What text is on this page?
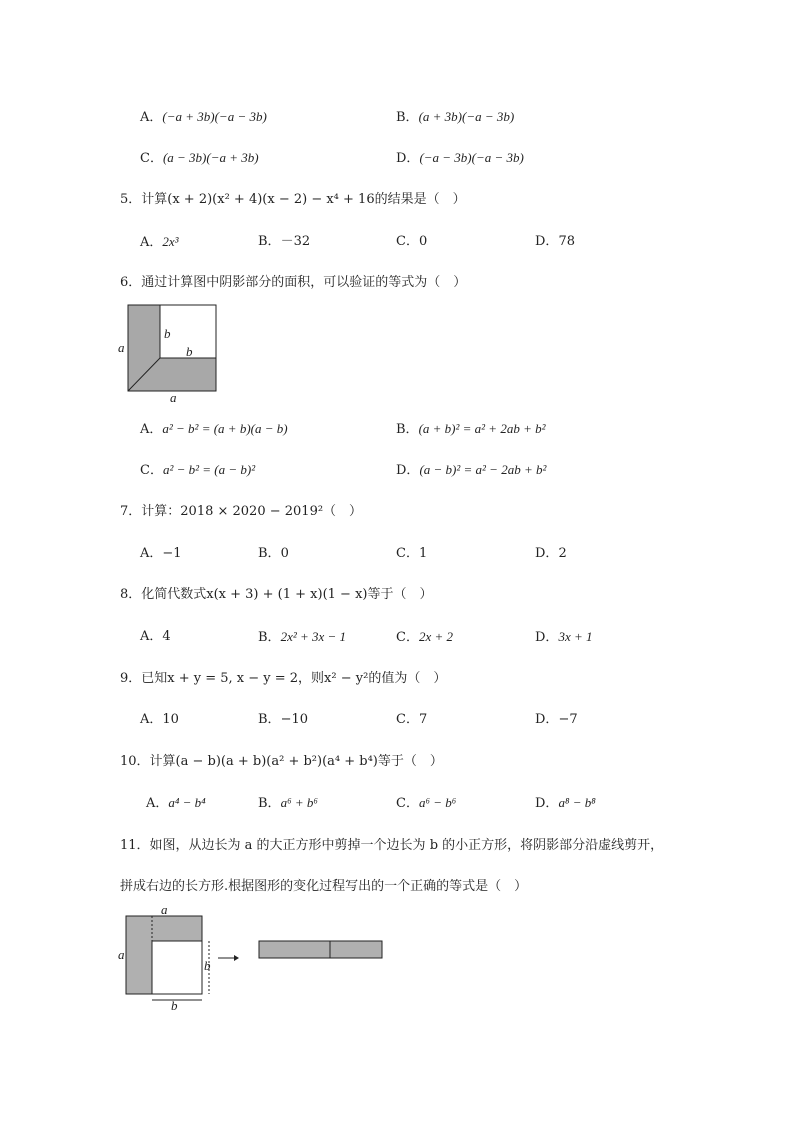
A．(−a + 3b)(−a − 3b)	B．(a + 3b)(−a − 3b)
C．(a − 3b)(−a + 3b)	D．(−a − 3b)(−a − 3b)
5．计算(x + 2)(x² + 4)(x − 2) − x⁴ + 16的结果是（　）
A．2x³	B．－32	C．0	D．78
6．通过计算图中阴影部分的面积，可以验证的等式为（　）
a
b
b
a
A．a² − b² = (a + b)(a − b)	B．(a + b)² = a² + 2ab + b²
C．a² − b² = (a − b)²	D．(a − b)² = a² − 2ab + b²
7．计算：2018 × 2020 − 2019²（　）
A．−1	B．0	C．1	D．2
8．化简代数式x(x + 3) + (1 + x)(1 − x)等于（　）
A．4	B．2x² + 3x − 1	C．2x + 2	D．3x + 1
9．已知x + y = 5, x − y = 2，则x² − y²的值为（　）
A．10	B．−10	C．7	D．−7
10．计算(a − b)(a + b)(a² + b²)(a⁴ + b⁴)等于（　）
A．a⁴ − b⁴	B．a⁶ + b⁶	C．a⁶ − b⁶	D．a⁸ − b⁸
11．如图，从边长为 a 的大正方形中剪掉一个边长为 b 的小正方形，将阴影部分沿虚线剪开，
拼成右边的长方形.根据图形的变化过程写出的一个正确的等式是（　）
a
a
b
b
